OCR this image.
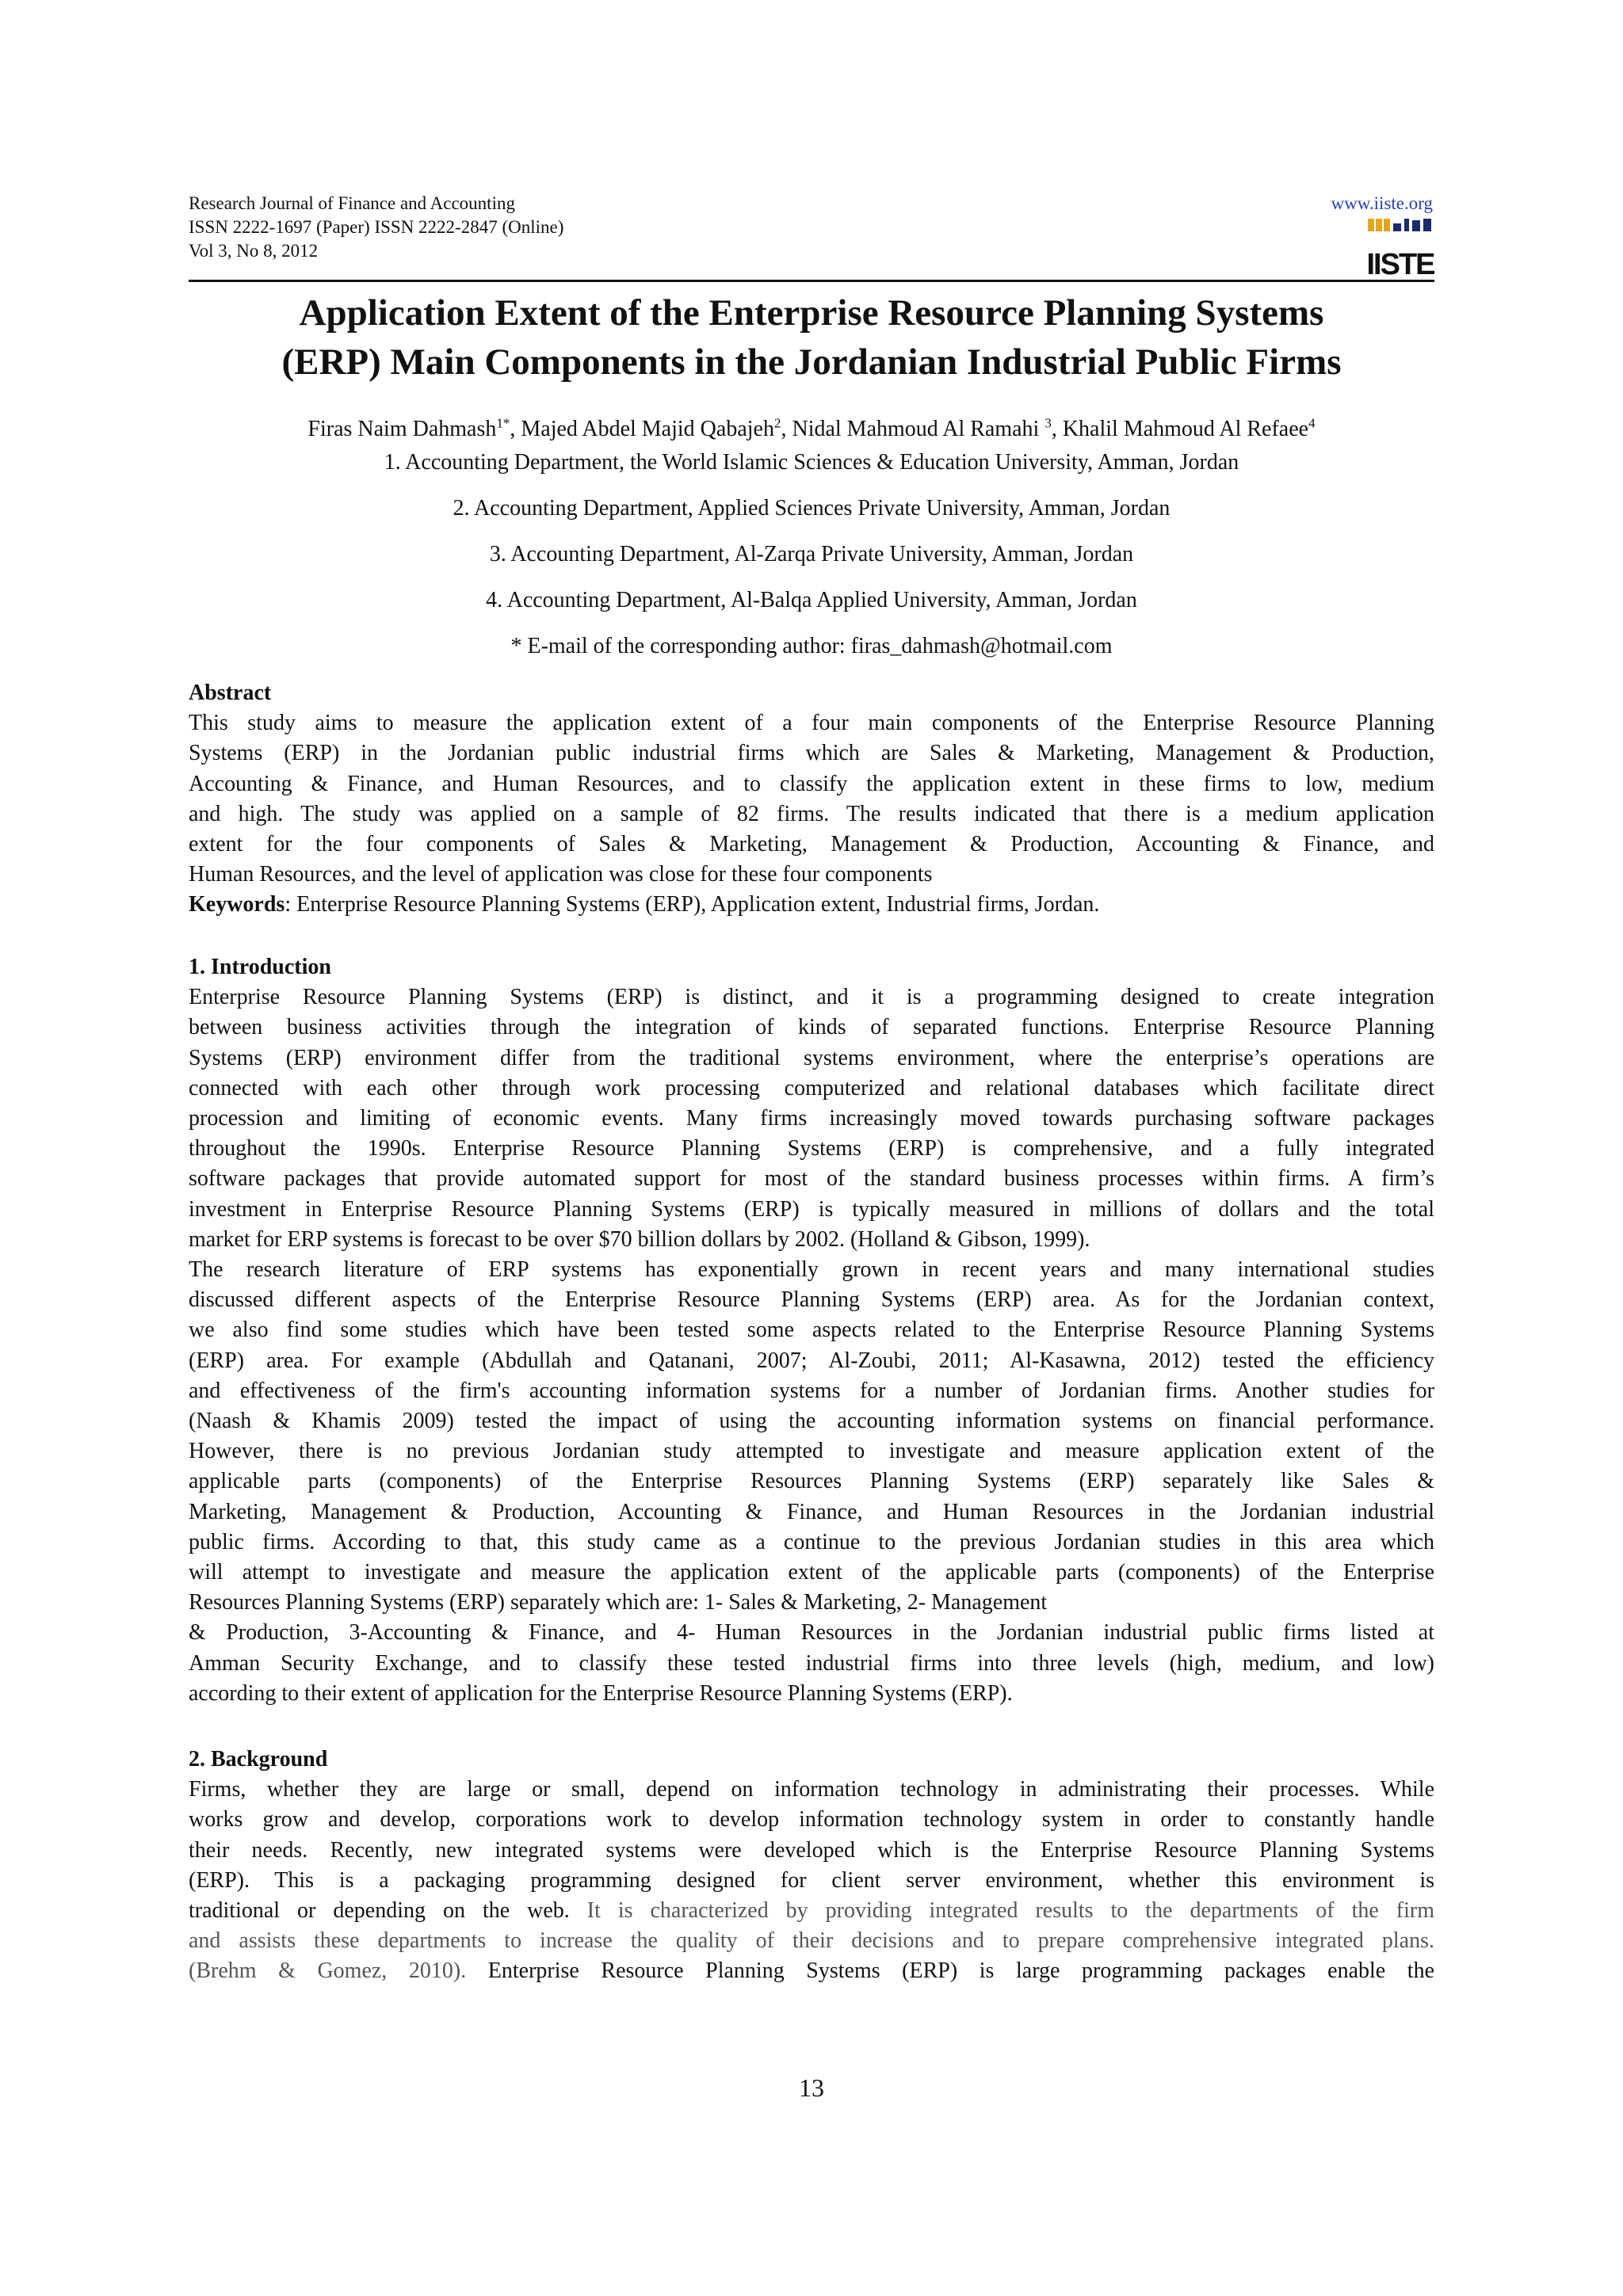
Research Journal of Finance and Accounting
ISSN 2222-1697 (Paper) ISSN 2222-2847 (Online)
Vol 3, No 8, 2012
www.iiste.org
IISTE
Application Extent of the Enterprise Resource Planning Systems
(ERP) Main Components in the Jordanian Industrial Public Firms
Firas Naim Dahmash$^{1*}$, Majed Abdel Majid Qabajeh$^2$, Nidal Mahmoud Al Ramahi $^3$, Khalil Mahmoud Al Refaee$^4$
1. Accounting Department, the World Islamic Sciences & Education University, Amman, Jordan
2. Accounting Department, Applied Sciences Private University, Amman, Jordan
3. Accounting Department, Al-Zarqa Private University, Amman, Jordan
4. Accounting Department, Al-Balqa Applied University, Amman, Jordan
* E-mail of the corresponding author: firas_dahmash@hotmail.com
Abstract
This study aims to measure the application extent of a four main components of the Enterprise Resource Planning
Systems (ERP) in the Jordanian public industrial firms which are Sales & Marketing, Management & Production,
Accounting & Finance, and Human Resources, and to classify the application extent in these firms to low, medium
and high. The study was applied on a sample of 82 firms. The results indicated that there is a medium application
extent for the four components of Sales & Marketing, Management & Production, Accounting & Finance, and
Human Resources, and the level of application was close for these four components
Keywords: Enterprise Resource Planning Systems (ERP), Application extent, Industrial firms, Jordan.
1. Introduction
Enterprise Resource Planning Systems (ERP) is distinct, and it is a programming designed to create integration
between business activities through the integration of kinds of separated functions. Enterprise Resource Planning
Systems (ERP) environment differ from the traditional systems environment, where the enterprise’s operations are
connected with each other through work processing computerized and relational databases which facilitate direct
procession and limiting of economic events. Many firms increasingly moved towards purchasing software packages
throughout the 1990s. Enterprise Resource Planning Systems (ERP) is comprehensive, and a fully integrated
software packages that provide automated support for most of the standard business processes within firms. A firm’s
investment in Enterprise Resource Planning Systems (ERP) is typically measured in millions of dollars and the total
market for ERP systems is forecast to be over $70 billion dollars by 2002. (Holland & Gibson, 1999).
The research literature of ERP systems has exponentially grown in recent years and many international studies
discussed different aspects of the Enterprise Resource Planning Systems (ERP) area. As for the Jordanian context,
we also find some studies which have been tested some aspects related to the Enterprise Resource Planning Systems
(ERP) area. For example (Abdullah and Qatanani, 2007; Al-Zoubi, 2011; Al-Kasawna, 2012) tested the efficiency
and effectiveness of the firm's accounting information systems for a number of Jordanian firms. Another studies for
(Naash & Khamis 2009) tested the impact of using the accounting information systems on financial performance.
However, there is no previous Jordanian study attempted to investigate and measure application extent of the
applicable parts (components) of the Enterprise Resources Planning Systems (ERP) separately like Sales &
Marketing, Management & Production, Accounting & Finance, and Human Resources in the Jordanian industrial
public firms. According to that, this study came as a continue to the previous Jordanian studies in this area which
will attempt to investigate and measure the application extent of the applicable parts (components) of the Enterprise
Resources Planning Systems (ERP) separately which are: 1- Sales & Marketing, 2- Management
& Production, 3-Accounting & Finance, and 4- Human Resources in the Jordanian industrial public firms listed at
Amman Security Exchange, and to classify these tested industrial firms into three levels (high, medium, and low)
according to their extent of application for the Enterprise Resource Planning Systems (ERP).
2. Background
Firms, whether they are large or small, depend on information technology in administrating their processes. While
works grow and develop, corporations work to develop information technology system in order to constantly handle
their needs. Recently, new integrated systems were developed which is the Enterprise Resource Planning Systems
(ERP). This is a packaging programming designed for client server environment, whether this environment is
traditional or depending on the web. It is characterized by providing integrated results to the departments of the firm
and assists these departments to increase the quality of their decisions and to prepare comprehensive integrated plans.
(Brehm & Gomez, 2010). Enterprise Resource Planning Systems (ERP) is large programming packages enable the
13
